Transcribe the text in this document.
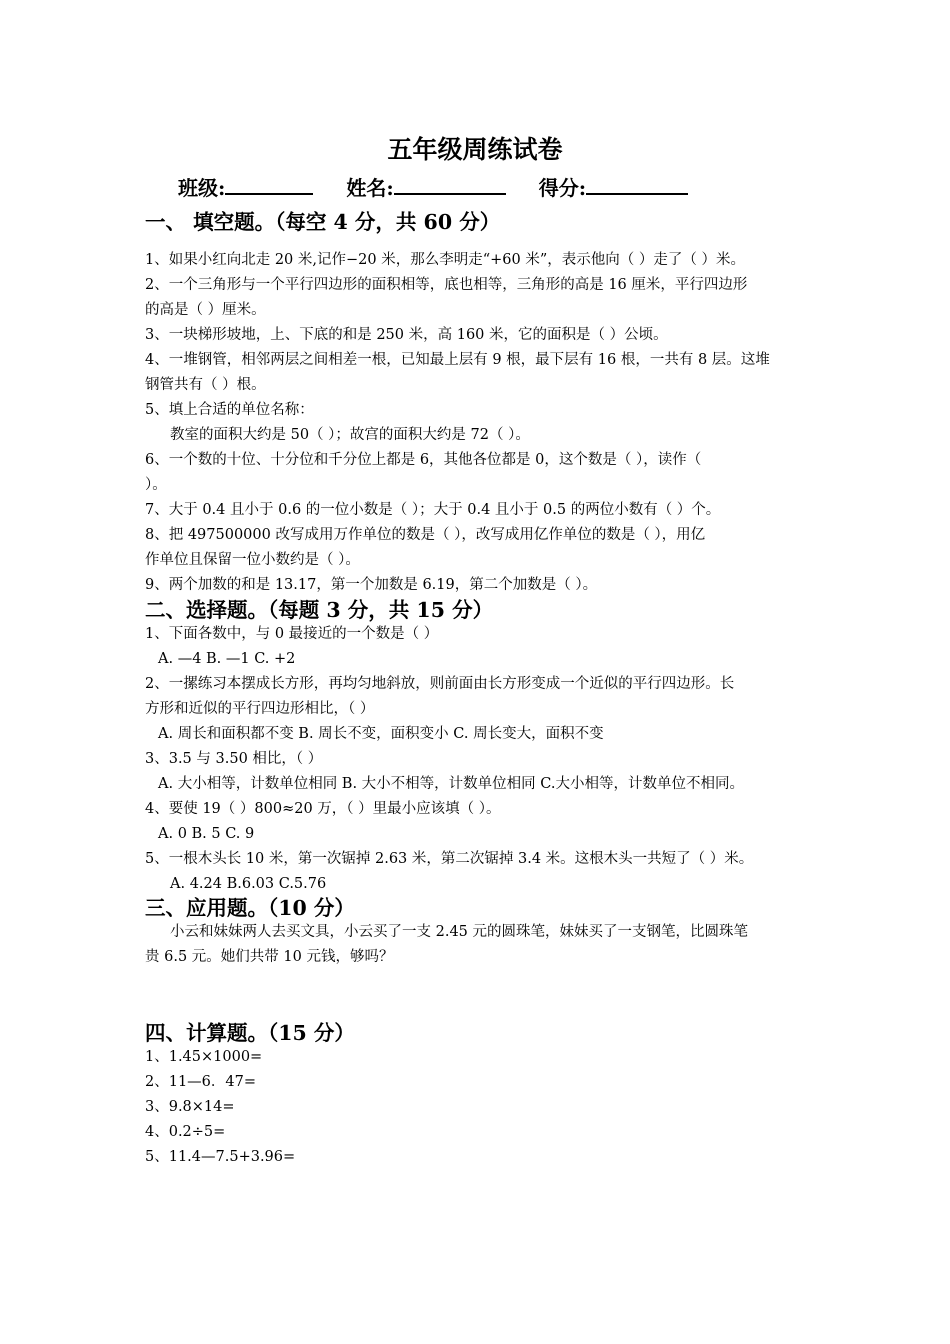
五年级周练试卷
班级:	姓名:	得分:
一、 填空题。（每空 4 分，共 60 分）
1、如果小红向北走 20 米,记作−20 米，那么李明走“+60 米”，表示他向（ ）走了（ ）米。
2、一个三角形与一个平行四边形的面积相等，底也相等，三角形的高是 16 厘米，平行四边形
的高是（ ）厘米。
3、一块梯形坡地，上、下底的和是 250 米，高 160 米，它的面积是（ ）公顷。
4、一堆钢管，相邻两层之间相差一根，已知最上层有 9 根，最下层有 16 根，一共有 8 层。这堆
钢管共有（ ）根。
5、填上合适的单位名称：
教室的面积大约是 50（ ）；故宫的面积大约是 72（ ）。
6、一个数的十位、十分位和千分位上都是 6，其他各位都是 0，这个数是（ ），读作（
）。
7、大于 0.4 且小于 0.6 的一位小数是（ ）；大于 0.4 且小于 0.5 的两位小数有（ ）个。
8、把 497500000 改写成用万作单位的数是（ ），改写成用亿作单位的数是（ ），用亿
作单位且保留一位小数约是（ ）。
9、两个加数的和是 13.17，第一个加数是 6.19，第二个加数是（ ）。
二、选择题。（每题 3 分，共 15 分）
1、下面各数中，与 0 最接近的一个数是（ ）
A. —4 B. —1 C. +2
2、一摞练习本摆成长方形，再均匀地斜放，则前面由长方形变成一个近似的平行四边形。长
方形和近似的平行四边形相比，（ ）
A. 周长和面积都不变 B. 周长不变，面积变小 C. 周长变大，面积不变
3、3.5 与 3.50 相比，（ ）
A. 大小相等，计数单位相同 B. 大小不相等，计数单位相同 C.大小相等，计数单位不相同。
4、要使 19（ ）800≈20 万，（ ）里最小应该填（ ）。
A. 0 B. 5 C. 9
5、一根木头长 10 米，第一次锯掉 2.63 米，第二次锯掉 3.4 米。这根木头一共短了（ ）米。
A. 4.24 B.6.03 C.5.76
三、应用题。（10 分）
小云和妹妹两人去买文具，小云买了一支 2.45 元的圆珠笔，妹妹买了一支钢笔，比圆珠笔
贵 6.5 元。她们共带 10 元钱，够吗？
四、计算题。（15 分）
1、1.45×1000=
2、11—6．47=
3、9.8×14=
4、0.2÷5=
5、11.4—7.5+3.96=
